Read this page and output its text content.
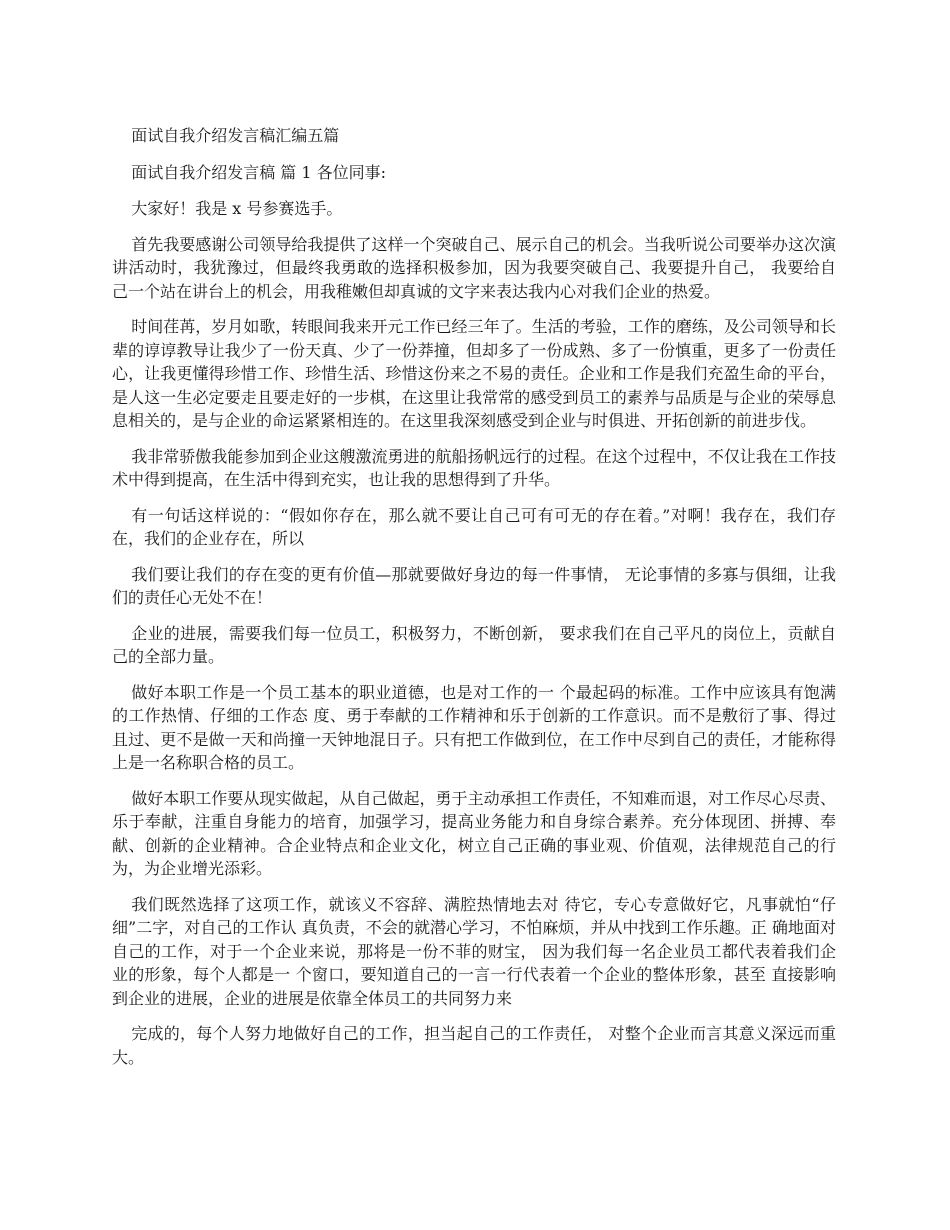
面试自我介绍发言稿汇编五篇

面试自我介绍发言稿 篇 1 各位同事:

大家好！我是 x 号参赛选手。

首先我要感谢公司领导给我提供了这样一个突破自己、展示自己的机会。当我听说公司要举办这次演讲活动时，我犹豫过，但最终我勇敢的选择积极参加，因为我要突破自己、我要提升自己， 我要给自己一个站在讲台上的机会，用我稚嫩但却真诚的文字来表达我内心对我们企业的热爱。

时间荏苒，岁月如歌，转眼间我来开元工作已经三年了。生活的考验，工作的磨练，及公司领导和长辈的谆谆教导让我少了一份天真、少了一份莽撞，但却多了一份成熟、多了一份慎重，更多了一份责任心，让我更懂得珍惜工作、珍惜生活、珍惜这份来之不易的责任。企业和工作是我们充盈生命的平台，是人这一生必定要走且要走好的一步棋，在这里让我常常的感受到员工的素养与品质是与企业的荣辱息息相关的，是与企业的命运紧紧相连的。在这里我深刻感受到企业与时俱进、开拓创新的前进步伐。

我非常骄傲我能参加到企业这艘激流勇进的航船扬帆远行的过程。在这个过程中，不仅让我在工作技术中得到提高，在生活中得到充实，也让我的思想得到了升华。

有一句话这样说的：“假如你存在，那么就不要让自己可有可无的存在着。”对啊！我存在，我们存在，我们的企业存在，所以

我们要让我们的存在变的更有价值—那就要做好身边的每一件事情， 无论事情的多寡与俱细，让我们的责任心无处不在！

企业的进展，需要我们每一位员工，积极努力，不断创新， 要求我们在自己平凡的岗位上，贡献自己的全部力量。

做好本职工作是一个员工基本的职业道德，也是对工作的一 个最起码的标准。工作中应该具有饱满的工作热情、仔细的工作态 度、勇于奉献的工作精神和乐于创新的工作意识。而不是敷衍了事、得过且过、更不是做一天和尚撞一天钟地混日子。只有把工作做到位，在工作中尽到自己的责任，才能称得上是一名称职合格的员工。

做好本职工作要从现实做起，从自己做起，勇于主动承担工作责任，不知难而退，对工作尽心尽责、乐于奉献，注重自身能力的培育，加强学习，提高业务能力和自身综合素养。充分体现团、拼搏、奉献、创新的企业精神。合企业特点和企业文化，树立自己正确的事业观、价值观，法律规范自己的行为，为企业增光添彩。

我们既然选择了这项工作，就该义不容辞、满腔热情地去对 待它，专心专意做好它，凡事就怕“仔细”二字，对自己的工作认 真负责，不会的就潜心学习，不怕麻烦，并从中找到工作乐趣。正 确地面对自己的工作，对于一个企业来说，那将是一份不菲的财宝， 因为我们每一名企业员工都代表着我们企业的形象，每个人都是一 个窗口，要知道自己的一言一行代表着一个企业的整体形象，甚至 直接影响到企业的进展，企业的进展是依靠全体员工的共同努力来

完成的，每个人努力地做好自己的工作，担当起自己的工作责任， 对整个企业而言其意义深远而重大。
